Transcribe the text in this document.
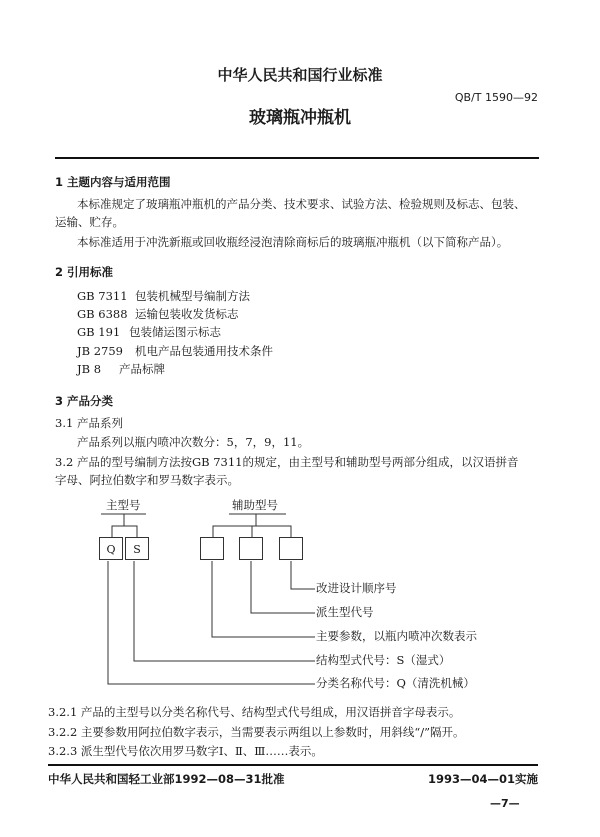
中华人民共和国行业标准
QB/T 1590—92
玻璃瓶冲瓶机
1 主题内容与适用范围
本标准规定了玻璃瓶冲瓶机的产品分类、技术要求、试验方法、检验规则及标志、包装、
运输、贮存。
本标准适用于冲洗新瓶或回收瓶经浸泡清除商标后的玻璃瓶冲瓶机（以下简称产品）。
2 引用标准
GB 7311 包装机械型号编制方法
GB 6388 运输包装收发货标志
GB 191 包装储运图示标志
JB 2759 机电产品包装通用技术条件
JB 8 产品标牌
3 产品分类
3.1 产品系列
产品系列以瓶内喷冲次数分：5，7，9，11。
3.2 产品的型号编制方法按GB 7311的规定，由主型号和辅助型号两部分组成，以汉语拼音
字母、阿拉伯数字和罗马数字表示。
主型号	辅助型号
Q	S
改进设计顺序号
派生型代号
主要参数，以瓶内喷冲次数表示
结构型式代号：S（湿式）
分类名称代号：Q（清洗机械）
3.2.1 产品的主型号以分类名称代号、结构型式代号组成，用汉语拼音字母表示。
3.2.2 主要参数用阿拉伯数字表示，当需要表示两组以上参数时，用斜线“/”隔开。
3.2.3 派生型代号依次用罗马数字Ⅰ、Ⅱ、Ⅲ……表示。
中华人民共和国轻工业部1992—08—31批准	1993—04—01实施
—7—
